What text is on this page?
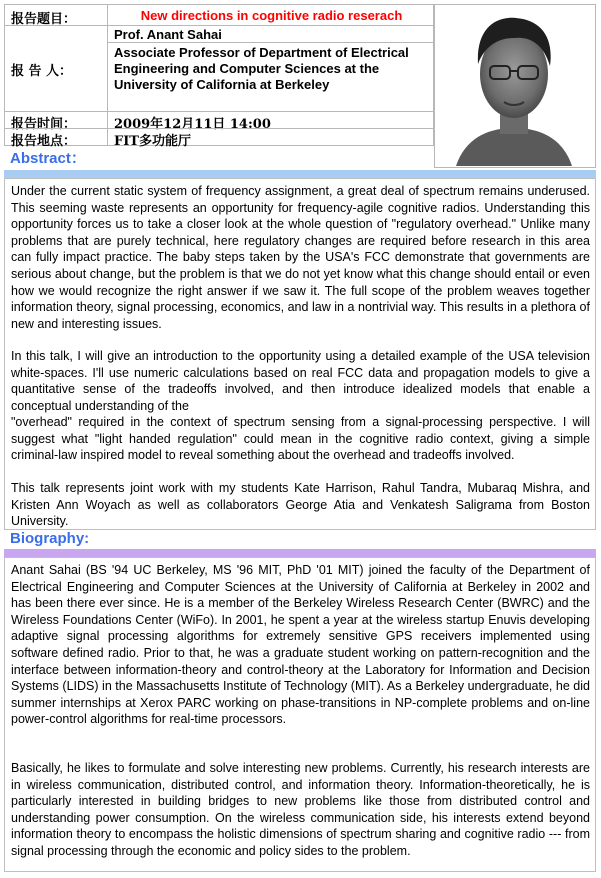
报告题目：	New directions in cognitive radio reserach
报 告 人：
Prof. Anant Sahai
Associate Professor of Department of Electrical Engineering and Computer Sciences at the University of California at Berkeley
报告时间：	2009年12月11日 14:00
报告地点：	FIT多功能厅
Abstract：

Under the current static system of frequency assignment, a great deal of spectrum remains underused. This seeming waste represents an opportunity for frequency-agile cognitive radios. Understanding this opportunity forces us to take a closer look at the whole question of "regulatory overhead." Unlike many problems that are purely technical, here regulatory changes are required before research in this area can fully impact practice. The baby steps taken by the USA's FCC demonstrate that governments are serious about change, but the problem is that we do not yet know what this change should entail or even how we would recognize the right answer if we saw it. The full scope of the problem weaves together information theory, signal processing, economics, and law in a nontrivial way. This results in a plethora of new and interesting issues.

In this talk, I will give an introduction to the opportunity using a detailed example of the USA television white-spaces. I'll use numeric calculations based on real FCC data and propagation models to give a quantitative sense of the tradeoffs involved, and then introduce idealized models that enable a conceptual understanding of the

"overhead" required in the context of spectrum sensing from a signal-processing perspective. I will suggest what "light handed regulation" could mean in the cognitive radio context, giving a simple criminal-law inspired model to reveal something about the overhead and tradeoffs involved.

This talk represents joint work with my students Kate Harrison, Rahul Tandra, Mubaraq Mishra, and Kristen Ann Woyach as well as collaborators George Atia and Venkatesh Saligrama from Boston University.

Biography:

Anant Sahai (BS '94 UC Berkeley, MS '96 MIT, PhD '01 MIT) joined the faculty of the Department of Electrical Engineering and Computer Sciences at the University of California at Berkeley in 2002 and has been there ever since. He is a member of the Berkeley Wireless Research Center (BWRC) and the Wireless Foundations Center (WiFo). In 2001, he spent a year at the wireless startup Enuvis developing adaptive signal processing algorithms for extremely sensitive GPS receivers implemented using software defined radio. Prior to that, he was a graduate student working on pattern-recognition and the interface between information-theory and control-theory at the Laboratory for Information and Decision Systems (LIDS) in the Massachusetts Institute of Technology (MIT). As a Berkeley undergraduate, he did summer internships at Xerox PARC working on phase-transitions in NP-complete problems and on-line power-control algorithms for real-time processors.

Basically, he likes to formulate and solve interesting new problems. Currently, his research interests are in wireless communication, distributed control, and information theory. Information-theoretically, he is particularly interested in building bridges to new problems like those from distributed control and understanding power consumption. On the wireless communication side, his interests extend beyond information theory to encompass the holistic dimensions of spectrum sharing and cognitive radio --- from signal processing through the economic and policy sides to the problem.
